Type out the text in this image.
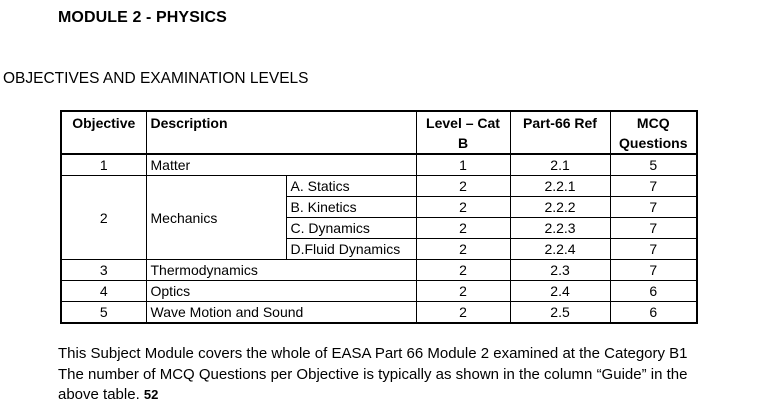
MODULE 2 - PHYSICS
OBJECTIVES AND EXAMINATION LEVELS
Objective	Description		Level – Cat B	Part-66 Ref	MCQ Questions
1	Matter		1	2.1	5
2	Mechanics	A. Statics	2	2.2.1	7
		B. Kinetics	2	2.2.2	7
		C. Dynamics	2	2.2.3	7
		D.Fluid Dynamics	2	2.2.4	7
3	Thermodynamics		2	2.3	7
4	Optics		2	2.4	6
5	Wave Motion and Sound		2	2.5	6
This Subject Module covers the whole of EASA Part 66 Module 2 examined at the Category B1
The number of MCQ Questions per Objective is typically as shown in the column “Guide” in the
above table. 52
